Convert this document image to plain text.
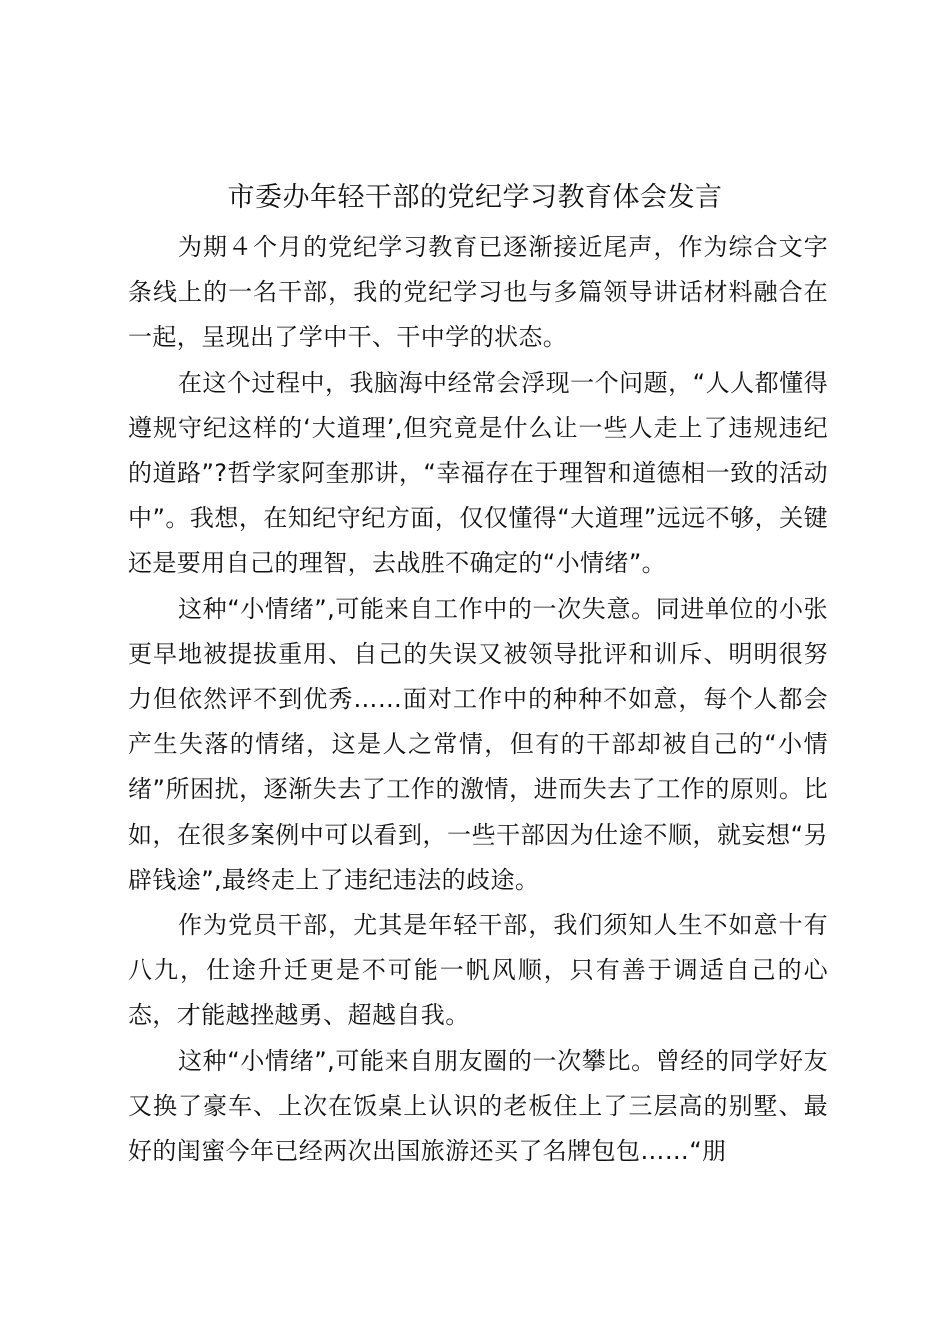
市委办年轻干部的党纪学习教育体会发言

为期４个月的党纪学习教育已逐渐接近尾声，作为综合文字条线上的一名干部，我的党纪学习也与多篇领导讲话材料融合在一起，呈现出了学中干、干中学的状态。

在这个过程中，我脑海中经常会浮现一个问题，“人人都懂得遵规守纪这样的‘大道理’,但究竟是什么让一些人走上了违规违纪的道路”?哲学家阿奎那讲，“幸福存在于理智和道德相一致的活动中”。我想，在知纪守纪方面，仅仅懂得“大道理”远远不够，关键还是要用自己的理智，去战胜不确定的“小情绪”。

这种“小情绪”,可能来自工作中的一次失意。同进单位的小张更早地被提拔重用、自己的失误又被领导批评和训斥、明明很努力但依然评不到优秀……面对工作中的种种不如意，每个人都会产生失落的情绪，这是人之常情，但有的干部却被自己的“小情绪”所困扰，逐渐失去了工作的激情，进而失去了工作的原则。比如，在很多案例中可以看到，一些干部因为仕途不顺，就妄想“另辟钱途”,最终走上了违纪违法的歧途。

作为党员干部，尤其是年轻干部，我们须知人生不如意十有八九，仕途升迁更是不可能一帆风顺，只有善于调适自己的心态，才能越挫越勇、超越自我。

这种“小情绪”,可能来自朋友圈的一次攀比。曾经的同学好友又换了豪车、上次在饭桌上认识的老板住上了三层高的别墅、最好的闺蜜今年已经两次出国旅游还买了名牌包包……“朋
